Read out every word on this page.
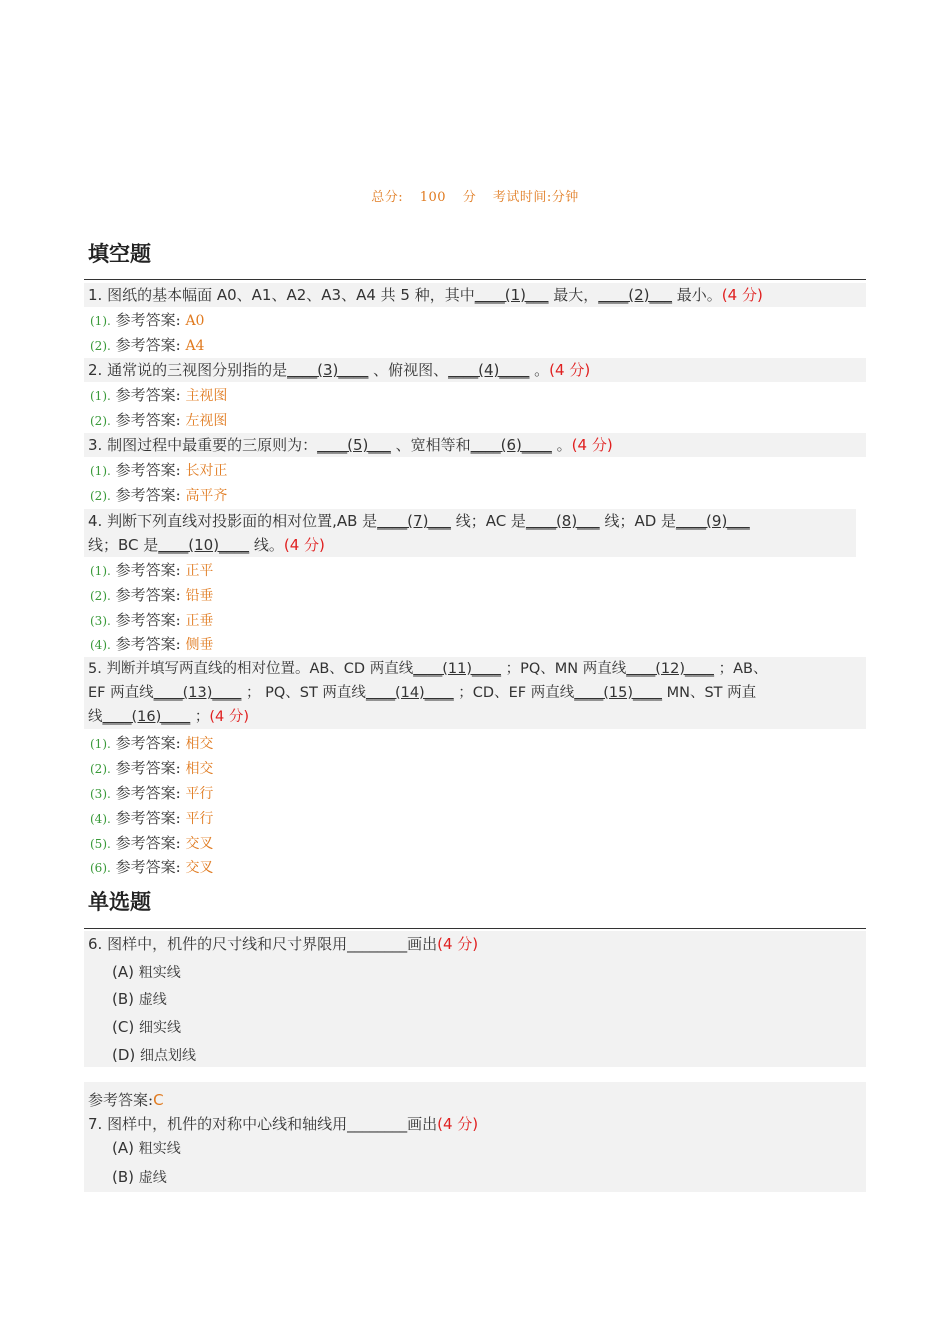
总分: 100 分 考试时间:分钟
填空题
1. 图纸的基本幅面 A0、A1、A2、A3、A4 共 5 种，其中____(1)___ 最大，____(2)___ 最小。(4 分)
(1). 参考答案: A0
(2). 参考答案: A4
2. 通常说的三视图分别指的是____(3)____ 、俯视图、____(4)____ 。(4 分)
(1). 参考答案: 主视图
(2). 参考答案: 左视图
3. 制图过程中最重要的三原则为：____(5)___ 、宽相等和____(6)____ 。(4 分)
(1). 参考答案: 长对正
(2). 参考答案: 高平齐
4. 判断下列直线对投影面的相对位置,AB 是____(7)___ 线；AC 是____(8)___ 线；AD 是____(9)___
线；BC 是____(10)____ 线。(4 分)
(1). 参考答案: 正平
(2). 参考答案: 铅垂
(3). 参考答案: 正垂
(4). 参考答案: 侧垂
5. 判断并填写两直线的相对位置。AB、CD 两直线____(11)____ ；PQ、MN 两直线____(12)____ ；AB、
EF 两直线____(13)____ ； PQ、ST 两直线____(14)____ ；CD、EF 两直线____(15)____ MN、ST 两直
线____(16)____ ；(4 分)
(1). 参考答案: 相交
(2). 参考答案: 相交
(3). 参考答案: 平行
(4). 参考答案: 平行
(5). 参考答案: 交叉
(6). 参考答案: 交叉
单选题
6. 图样中，机件的尺寸线和尺寸界限用________画出(4 分)
(A) 粗实线
(B) 虚线
(C) 细实线
(D) 细点划线
参考答案:C
7. 图样中，机件的对称中心线和轴线用________画出(4 分)
(A) 粗实线
(B) 虚线
